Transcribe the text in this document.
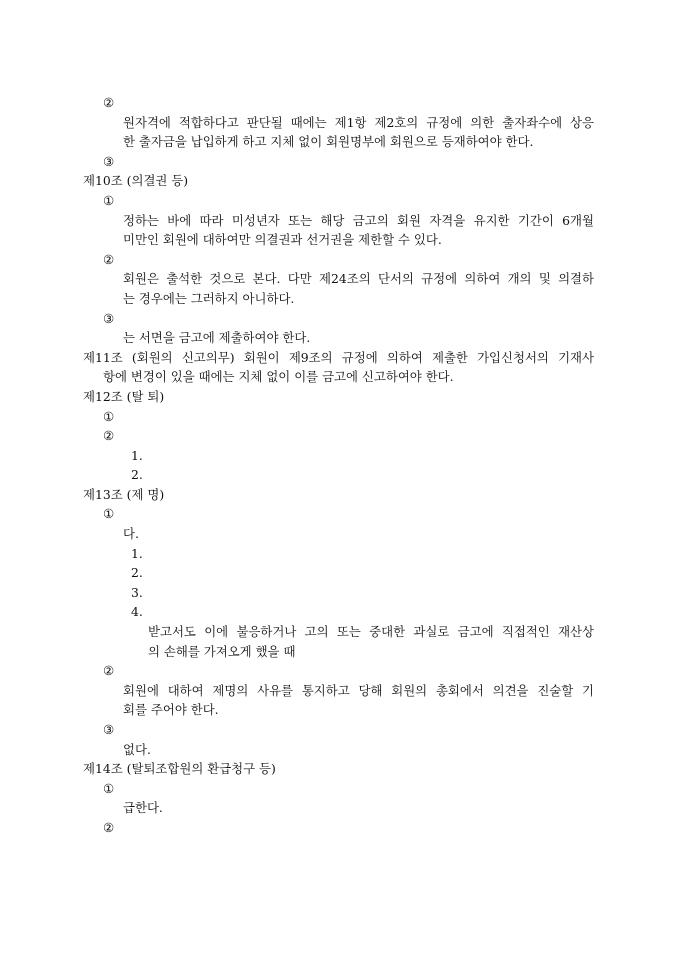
②
원자격에 적합하다고 판단될 때에는 제1항 제2호의 규정에 의한 출자좌수에 상응
한 출자금을 납입하게 하고 지체 없이 회원명부에 회원으로 등재하여야 한다.
③
제10조 (의결권 등)
①
정하는 바에 따라 미성년자 또는 해당 금고의 회원 자격을 유지한 기간이 6개월
미만인 회원에 대하여만 의결권과 선거권을 제한할 수 있다.
②
회원은 출석한 것으로 본다. 다만 제24조의 단서의 규정에 의하여 개의 및 의결하
는 경우에는 그러하지 아니하다.
③
는 서면을 금고에 제출하여야 한다.
제11조 (회원의 신고의무) 회원이 제9조의 규정에 의하여 제출한 가입신청서의 기재사
항에 변경이 있을 때에는 지체 없이 이를 금고에 신고하여야 한다.
제12조 (탈 퇴)
①
②
1.
2.
제13조 (제 명)
①
다.
1.
2.
3.
4.
받고서도 이에 불응하거나 고의 또는 중대한 과실로 금고에 직접적인 재산상
의 손해를 가져오게 했을 때
②
회원에 대하여 제명의 사유를 통지하고 당해 회원의 총회에서 의견을 진술할 기
회를 주어야 한다.
③
없다.
제14조 (탈퇴조합원의 환급청구 등)
①
급한다.
②
